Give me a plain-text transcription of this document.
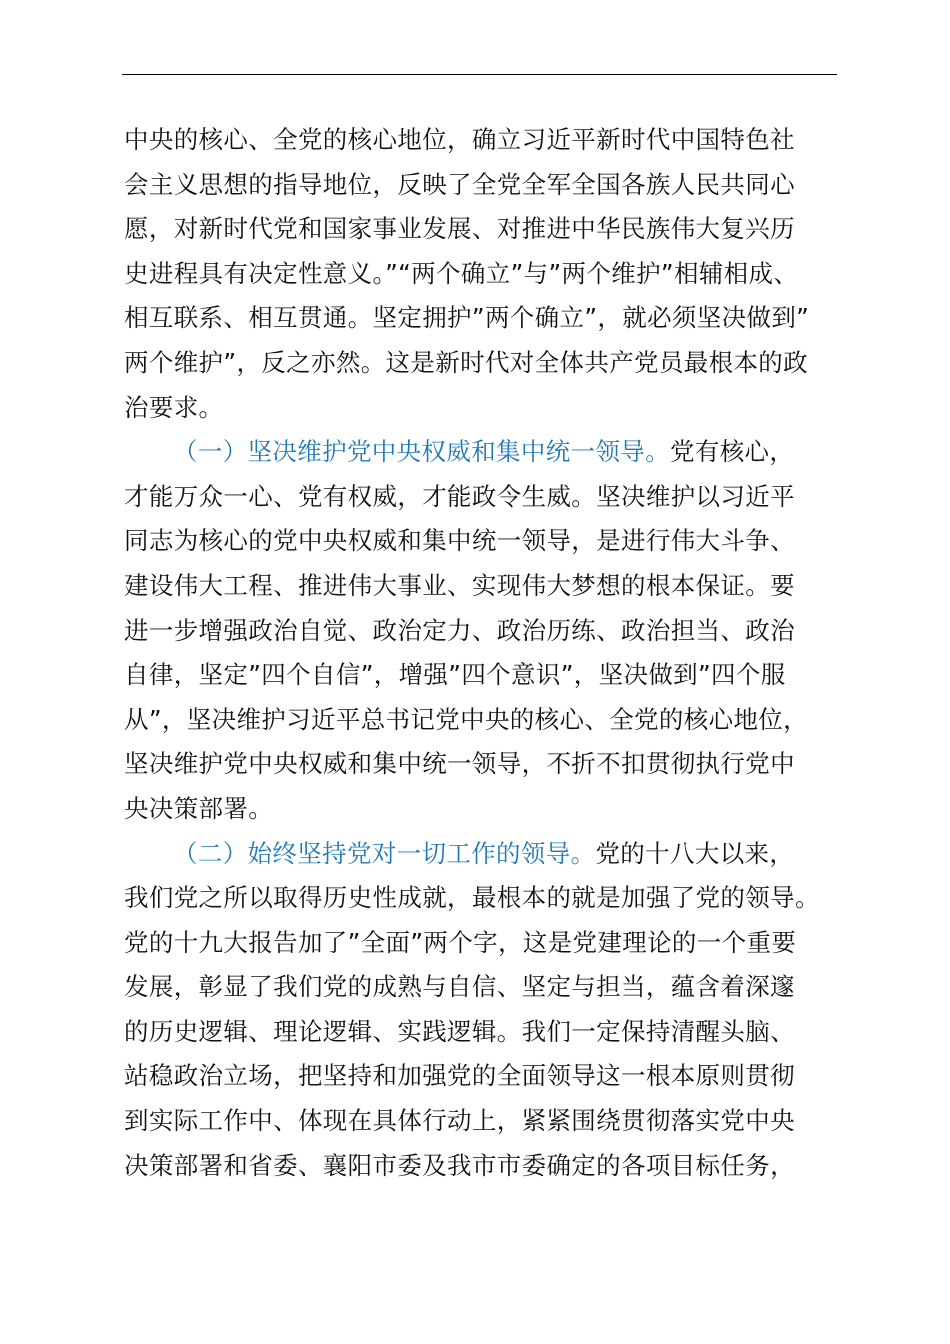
中央的核心、全党的核心地位，确立习近平新时代中国特色社
会主义思想的指导地位，反映了全党全军全国各族人民共同心
愿，对新时代党和国家事业发展、对推进中华民族伟大复兴历
史进程具有决定性意义。”“两个确立”与”两个维护”相辅相成、
相互联系、相互贯通。坚定拥护”两个确立”，就必须坚决做到”
两个维护”，反之亦然。这是新时代对全体共产党员最根本的政
治要求。
（一）坚决维护党中央权威和集中统一领导。党有核心，
才能万众一心、党有权威，才能政令生威。坚决维护以习近平
同志为核心的党中央权威和集中统一领导，是进行伟大斗争、
建设伟大工程、推进伟大事业、实现伟大梦想的根本保证。要
进一步增强政治自觉、政治定力、政治历练、政治担当、政治
自律，坚定”四个自信”，增强”四个意识”，坚决做到”四个服
从”，坚决维护习近平总书记党中央的核心、全党的核心地位，
坚决维护党中央权威和集中统一领导，不折不扣贯彻执行党中
央决策部署。
（二）始终坚持党对一切工作的领导。党的十八大以来，
我们党之所以取得历史性成就，最根本的就是加强了党的领导。
党的十九大报告加了”全面”两个字，这是党建理论的一个重要
发展，彰显了我们党的成熟与自信、坚定与担当，蕴含着深邃
的历史逻辑、理论逻辑、实践逻辑。我们一定保持清醒头脑、
站稳政治立场，把坚持和加强党的全面领导这一根本原则贯彻
到实际工作中、体现在具体行动上，紧紧围绕贯彻落实党中央
决策部署和省委、襄阳市委及我市市委确定的各项目标任务，
